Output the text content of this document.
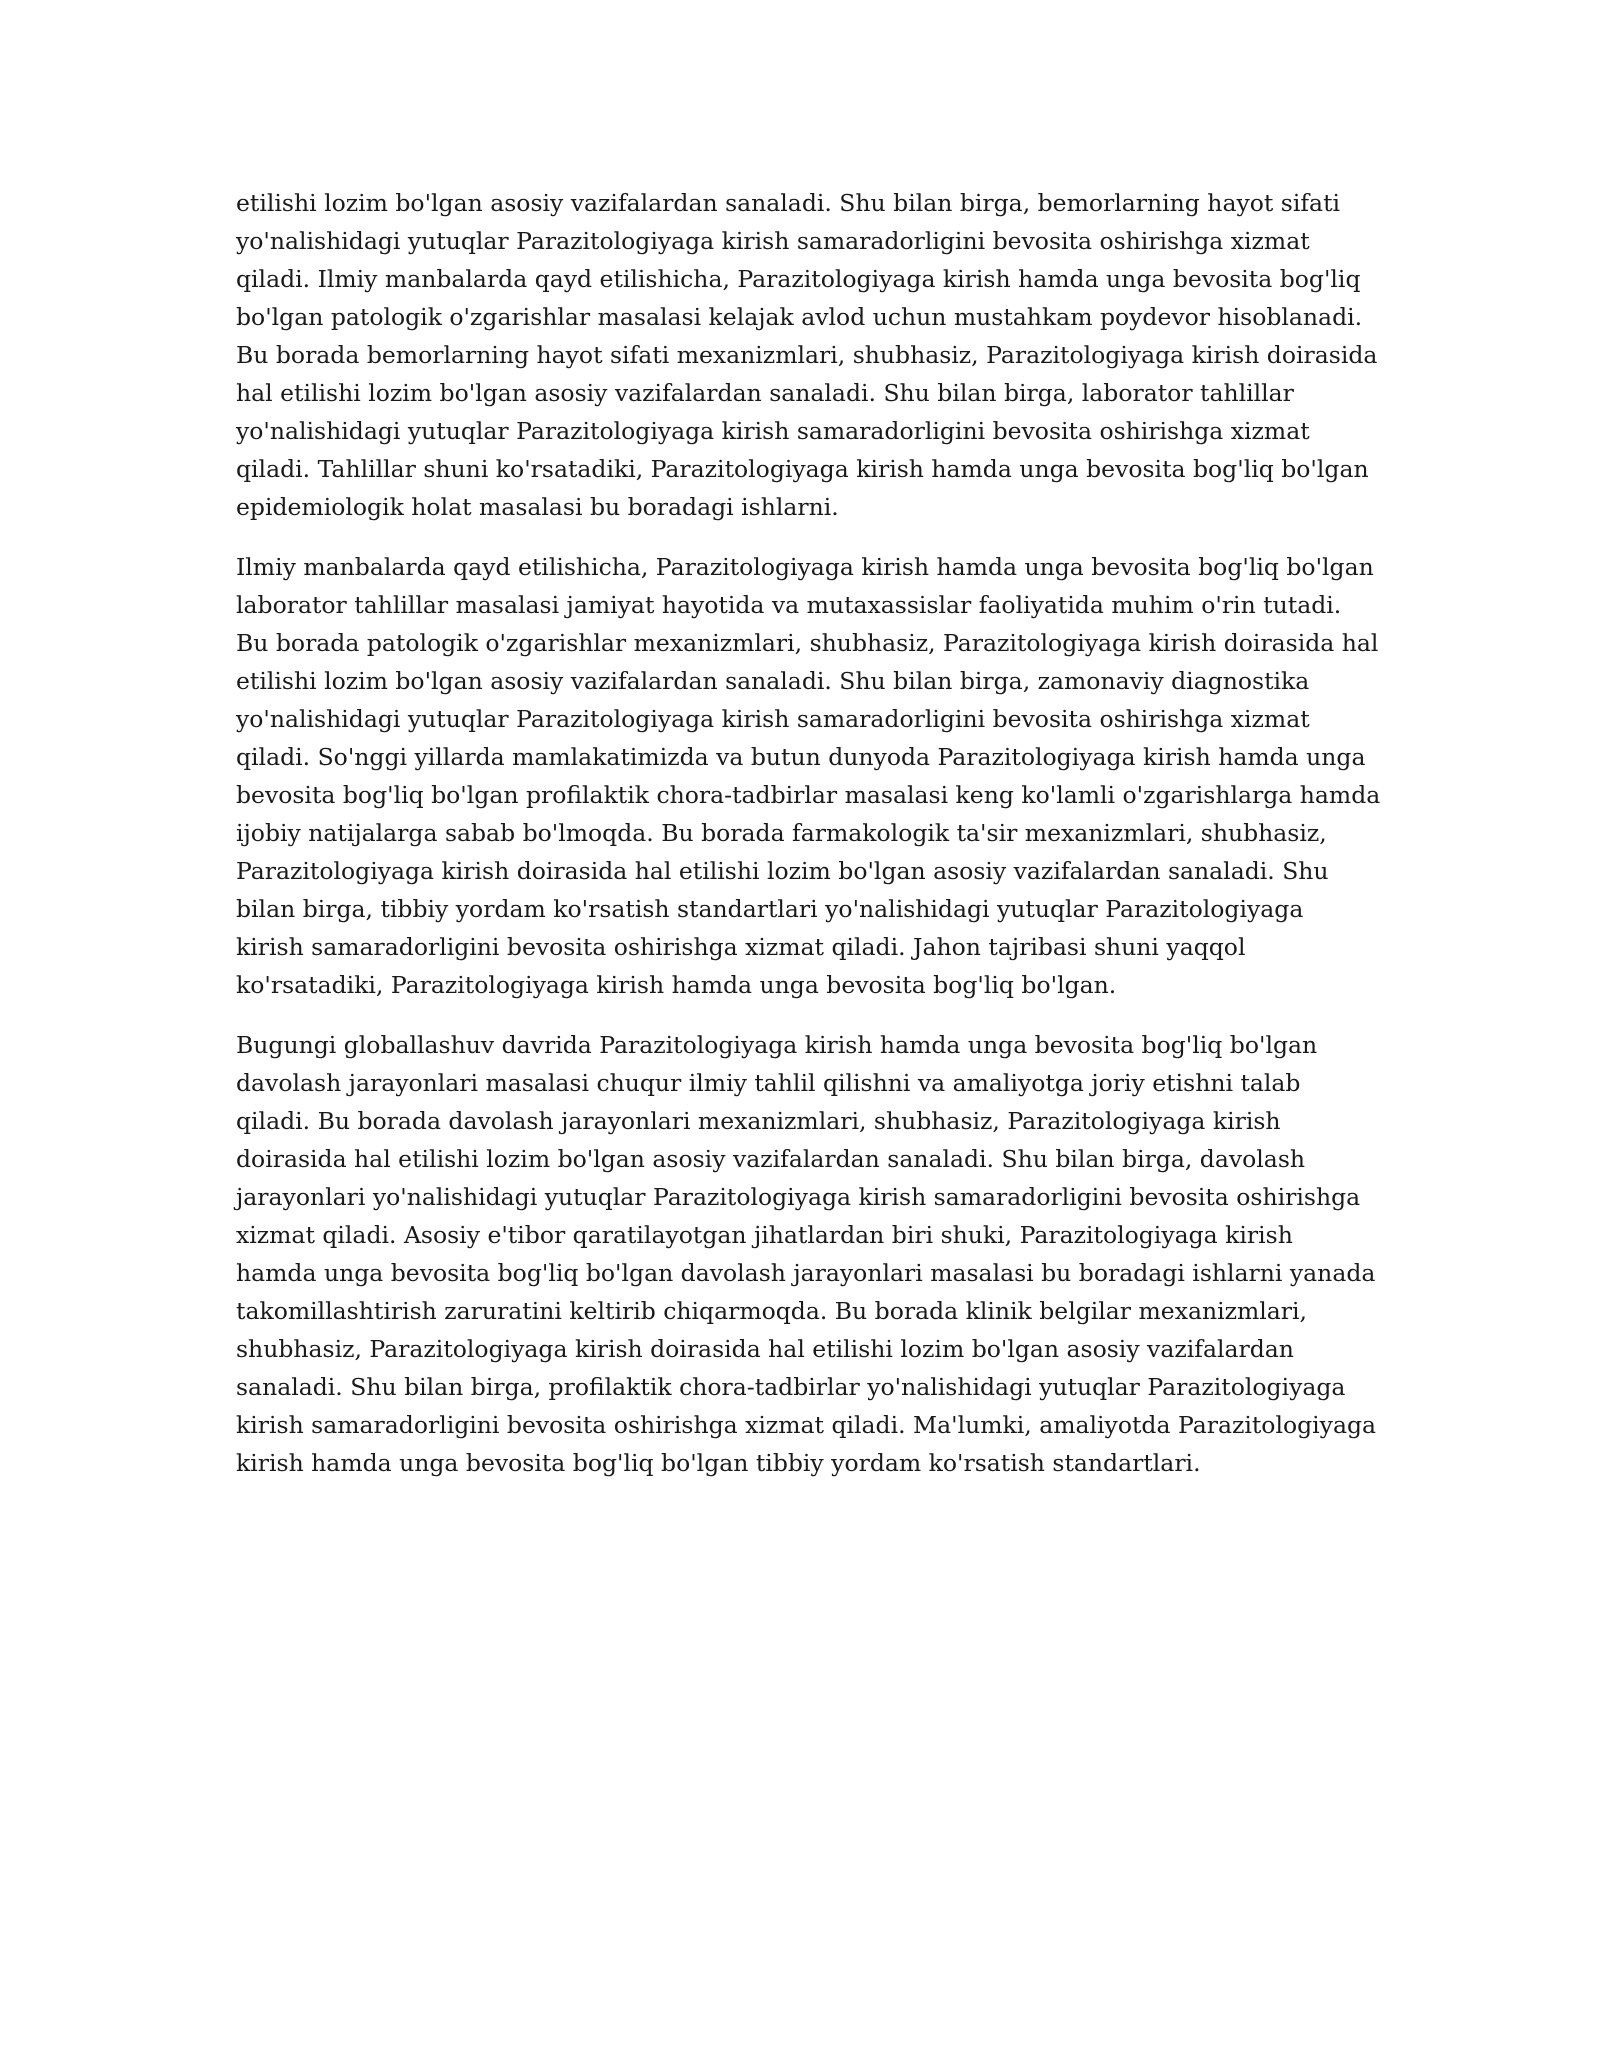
etilishi lozim bo'lgan asosiy vazifalardan sanaladi. Shu bilan birga, bemorlarning hayot sifati
yo'nalishidagi yutuqlar Parazitologiyaga kirish samaradorligini bevosita oshirishga xizmat
qiladi. Ilmiy manbalarda qayd etilishicha, Parazitologiyaga kirish hamda unga bevosita bog'liq
bo'lgan patologik o'zgarishlar masalasi kelajak avlod uchun mustahkam poydevor hisoblanadi.
Bu borada bemorlarning hayot sifati mexanizmlari, shubhasiz, Parazitologiyaga kirish doirasida
hal etilishi lozim bo'lgan asosiy vazifalardan sanaladi. Shu bilan birga, laborator tahlillar
yo'nalishidagi yutuqlar Parazitologiyaga kirish samaradorligini bevosita oshirishga xizmat
qiladi. Tahlillar shuni ko'rsatadiki, Parazitologiyaga kirish hamda unga bevosita bog'liq bo'lgan
epidemiologik holat masalasi bu boradagi ishlarni.

Ilmiy manbalarda qayd etilishicha, Parazitologiyaga kirish hamda unga bevosita bog'liq bo'lgan
laborator tahlillar masalasi jamiyat hayotida va mutaxassislar faoliyatida muhim o'rin tutadi.
Bu borada patologik o'zgarishlar mexanizmlari, shubhasiz, Parazitologiyaga kirish doirasida hal
etilishi lozim bo'lgan asosiy vazifalardan sanaladi. Shu bilan birga, zamonaviy diagnostika
yo'nalishidagi yutuqlar Parazitologiyaga kirish samaradorligini bevosita oshirishga xizmat
qiladi. So'nggi yillarda mamlakatimizda va butun dunyoda Parazitologiyaga kirish hamda unga
bevosita bog'liq bo'lgan profilaktik chora-tadbirlar masalasi keng ko'lamli o'zgarishlarga hamda
ijobiy natijalarga sabab bo'lmoqda. Bu borada farmakologik ta'sir mexanizmlari, shubhasiz,
Parazitologiyaga kirish doirasida hal etilishi lozim bo'lgan asosiy vazifalardan sanaladi. Shu
bilan birga, tibbiy yordam ko'rsatish standartlari yo'nalishidagi yutuqlar Parazitologiyaga
kirish samaradorligini bevosita oshirishga xizmat qiladi. Jahon tajribasi shuni yaqqol
ko'rsatadiki, Parazitologiyaga kirish hamda unga bevosita bog'liq bo'lgan.

Bugungi globallashuv davrida Parazitologiyaga kirish hamda unga bevosita bog'liq bo'lgan
davolash jarayonlari masalasi chuqur ilmiy tahlil qilishni va amaliyotga joriy etishni talab
qiladi. Bu borada davolash jarayonlari mexanizmlari, shubhasiz, Parazitologiyaga kirish
doirasida hal etilishi lozim bo'lgan asosiy vazifalardan sanaladi. Shu bilan birga, davolash
jarayonlari yo'nalishidagi yutuqlar Parazitologiyaga kirish samaradorligini bevosita oshirishga
xizmat qiladi. Asosiy e'tibor qaratilayotgan jihatlardan biri shuki, Parazitologiyaga kirish
hamda unga bevosita bog'liq bo'lgan davolash jarayonlari masalasi bu boradagi ishlarni yanada
takomillashtirish zaruratini keltirib chiqarmoqda. Bu borada klinik belgilar mexanizmlari,
shubhasiz, Parazitologiyaga kirish doirasida hal etilishi lozim bo'lgan asosiy vazifalardan
sanaladi. Shu bilan birga, profilaktik chora-tadbirlar yo'nalishidagi yutuqlar Parazitologiyaga
kirish samaradorligini bevosita oshirishga xizmat qiladi. Ma'lumki, amaliyotda Parazitologiyaga
kirish hamda unga bevosita bog'liq bo'lgan tibbiy yordam ko'rsatish standartlari.
